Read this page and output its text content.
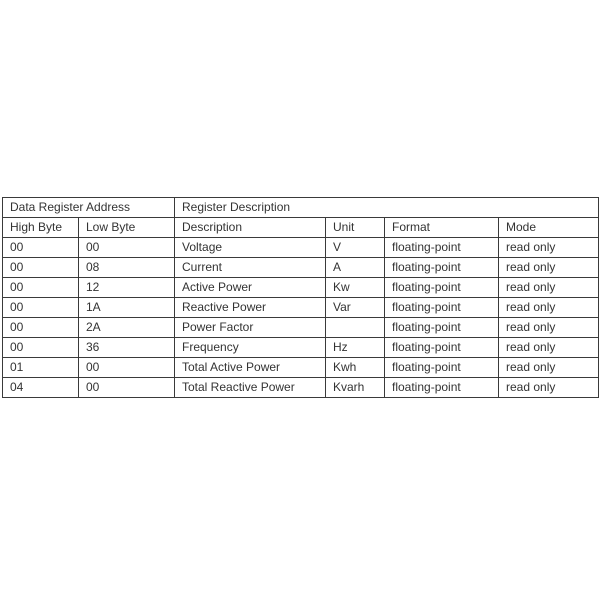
Data Register Address		Register Description			
High Byte	Low Byte	Description	Unit	Format	Mode
00	00	Voltage	V	floating-point	read only
00	08	Current	A	floating-point	read only
00	12	Active Power	Kw	floating-point	read only
00	1A	Reactive Power	Var	floating-point	read only
00	2A	Power Factor		floating-point	read only
00	36	Frequency	Hz	floating-point	read only
01	00	Total Active Power	Kwh	floating-point	read only
04	00	Total Reactive Power	Kvarh	floating-point	read only
